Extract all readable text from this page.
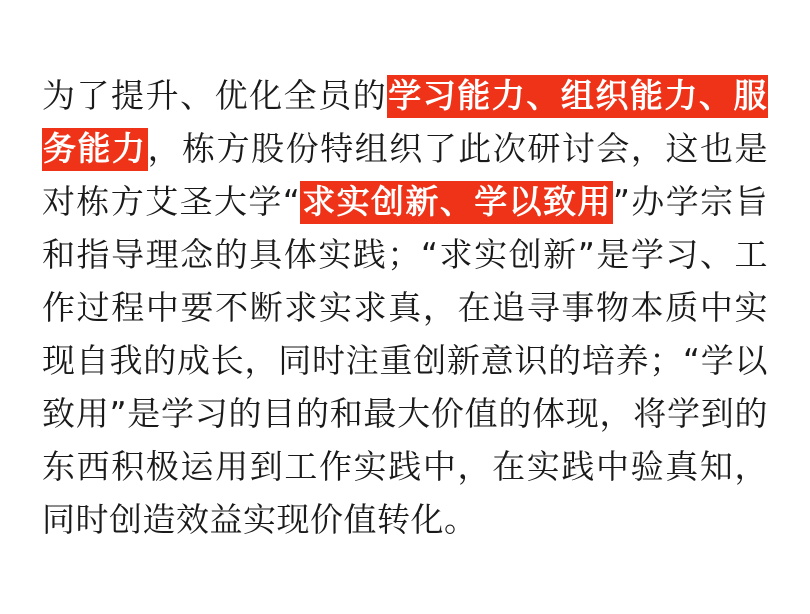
为了提升、优化全员的学习能力、组织能力、服务能力，栋方股份特组织了此次研讨会，这也是对栋方艾圣大学“求实创新、学以致用”办学宗旨和指导理念的具体实践；“求实创新”是学习、工作过程中要不断求实求真，在追寻事物本质中实现自我的成长，同时注重创新意识的培养；“学以致用”是学习的目的和最大价值的体现，将学到的东西积极运用到工作实践中，在实践中验真知，同时创造效益实现价值转化。
